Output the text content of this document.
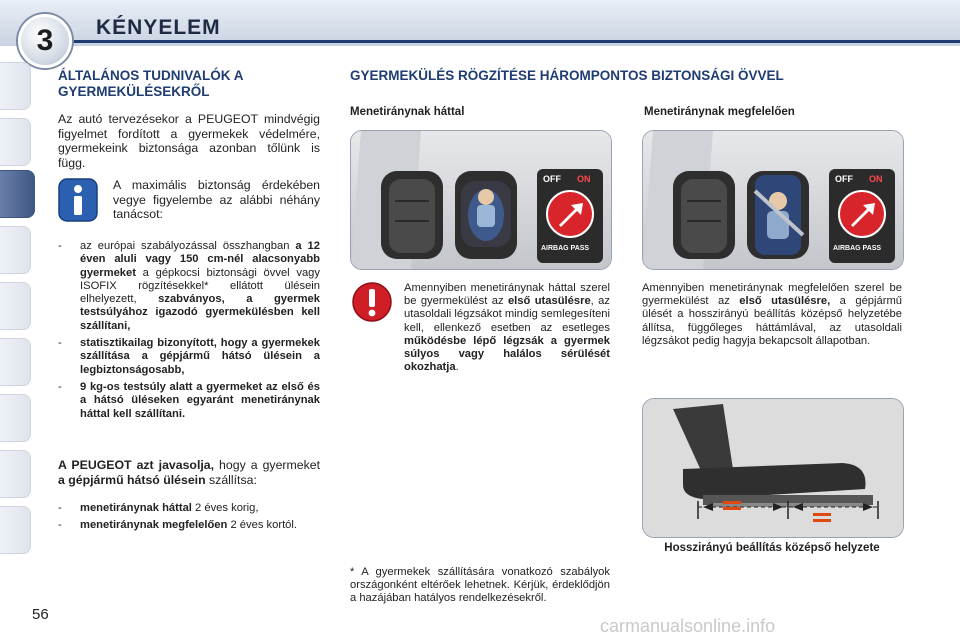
3	KÉNYELEM
ÁLTALÁNOS TUDNIVALÓK A GYERMEKÜLÉSEKRŐL

Az autó tervezésekor a PEUGEOT mindvégig figyelmet fordított a gyermekek védelmére, gyermekeink biztonsága azonban tőlünk is függ.

A maximális biztonság érdekében vegye figyelembe az alábbi néhány tanácsot:

- az európai szabályozással összhangban a 12 éven aluli vagy 150 cm-nél alacsonyabb gyermeket a gépkocsi biztonsági övvel vagy ISOFIX rögzítésekkel* ellátott ülésein elhelyezett, szabványos, a gyermek testsúlyához igazodó gyermekülésben kell szállítani,
- statisztikailag bizonyított, hogy a gyermekek szállítása a gépjármű hátsó ülésein a legbiztonságosabb,
- 9 kg-os testsúly alatt a gyermeket az első és a hátsó üléseken egyaránt menetiránynak háttal kell szállítani.

A PEUGEOT azt javasolja, hogy a gyermeket a gépjármű hátsó ülésein szállítsa:

- menetiránynak háttal 2 éves korig,
- menetiránynak megfelelően 2 éves kortól.
GYERMEKÜLÉS RÖGZÍTÉSE HÁROMPONTOS BIZTONSÁGI ÖVVEL
Menetiránynak háttal	Menetiránynak megfelelően
OFF ON
AIRBAG PASS
OFF ON
AIRBAG PASS

Amennyiben menetiránynak háttal szerel be gyermekülést az első utasülésre, az utasoldali légzsákot mindig semlegesíteni kell, ellenkező esetben az esetleges működésbe lépő légzsák a gyermek súlyos vagy halálos sérülését okozhatja.

Amennyiben menetiránynak megfelelően szerel be gyermekülést az első utasülésre, a gépjármű ülését a hosszirányú beállítás középső helyzetébe állítsa, függőleges háttámlával, az utasoldali légzsákot pedig hagyja bekapcsolt állapotban.

Hosszirányú beállítás középső helyzete

* A gyermekek szállítására vonatkozó szabályok országonként eltérőek lehetnek. Kérjük, érdeklődjön a hazájában hatályos rendelkezésekről.

56
carmanualsonline.info
